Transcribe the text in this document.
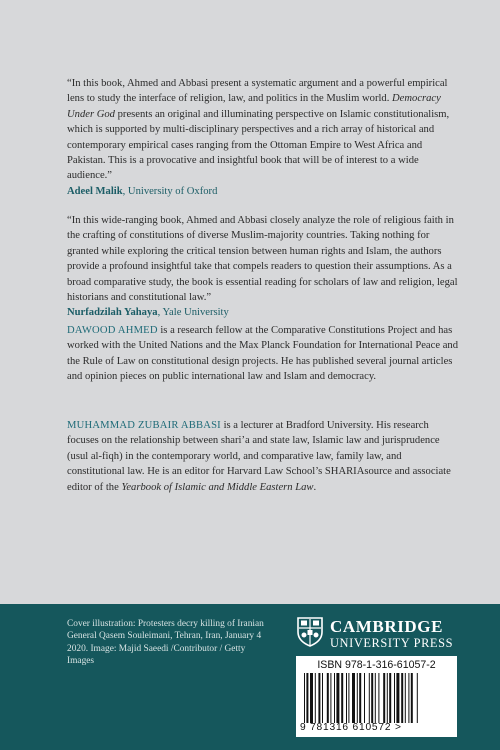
“In this book, Ahmed and Abbasi present a systematic argument and a powerful empirical lens to study the interface of religion, law, and politics in the Muslim world. Democracy Under God presents an original and illuminating perspective on Islamic constitutionalism, which is supported by multi-disciplinary perspectives and a rich array of historical and contemporary empirical cases ranging from the Ottoman Empire to West Africa and Pakistan. This is a provocative and insightful book that will be of interest to a wide audience.”

Adeel Malik, University of Oxford

“In this wide-ranging book, Ahmed and Abbasi closely analyze the role of religious faith in the crafting of constitutions of diverse Muslim-majority countries. Taking nothing for granted while exploring the critical tension between human rights and Islam, the authors provide a profound insightful take that compels readers to question their assumptions. As a broad comparative study, the book is essential reading for scholars of law and religion, legal historians and constitutional law.”

Nurfadzilah Yahaya, Yale University

DAWOOD AHMED is a research fellow at the Comparative Constitutions Project and has worked with the United Nations and the Max Planck Foundation for International Peace and the Rule of Law on constitutional design projects. He has published several journal articles and opinion pieces on public international law and Islam and democracy.

MUHAMMAD ZUBAIR ABBASI is a lecturer at Bradford University. His research focuses on the relationship between shari’a and state law, Islamic law and jurisprudence (usul al-fiqh) in the contemporary world, and comparative law, family law, and constitutional law. He is an editor for Harvard Law School’s SHARIAsource and associate editor of the Yearbook of Islamic and Middle Eastern Law.

Cover illustration: Protesters decry killing of Iranian General Qasem Souleimani, Tehran, Iran, January 4 2020. Image: Majid Saeedi /Contributor / Getty Images
CAMBRIDGE
UNIVERSITY PRESS
ISBN 978-1-316-61057-2
9 781316 610572 >
